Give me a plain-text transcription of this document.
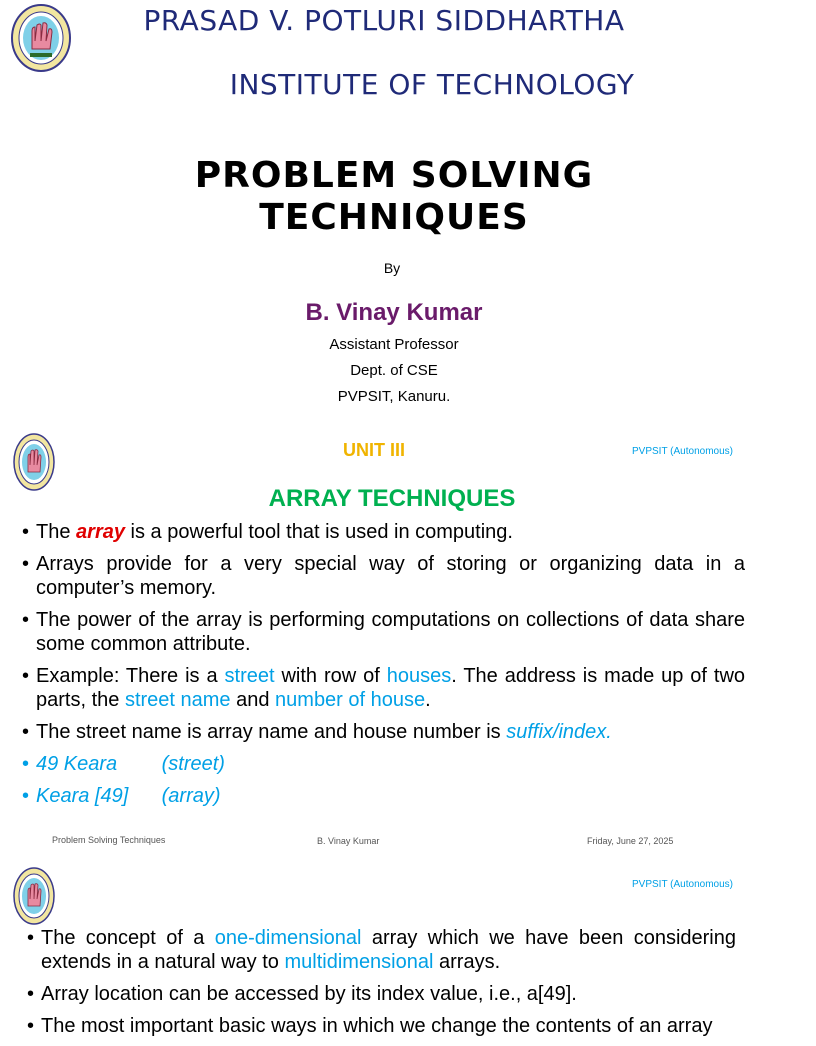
PRASAD V. POTLURI SIDDHARTHA
INSTITUTE OF TECHNOLOGY
PROBLEM SOLVING
TECHNIQUES
By
B. Vinay Kumar
Assistant Professor
Dept. of CSE
PVPSIT, Kanuru.
UNIT III	PVPSIT (Autonomous)
ARRAY TECHNIQUES
• The array is a powerful tool that is used in computing.
• Arrays provide for a very special way of storing or organizing data in a computer’s memory.
• The power of the array is performing computations on collections of data share some common attribute.
• Example: There is a street with row of houses. The address is made up of two parts, the street name and number of house.
• The street name is array name and house number is suffix/index.
• 49 Keara        (street)
• Keara [49]      (array)
Problem Solving Techniques	B. Vinay Kumar	Friday, June 27, 2025
PVPSIT (Autonomous)
• The concept of a one-dimensional array which we have been considering extends in a natural way to multidimensional arrays.
• Array location can be accessed by its index value, i.e., a[49].
• The most important basic ways in which we change the contents of an array
